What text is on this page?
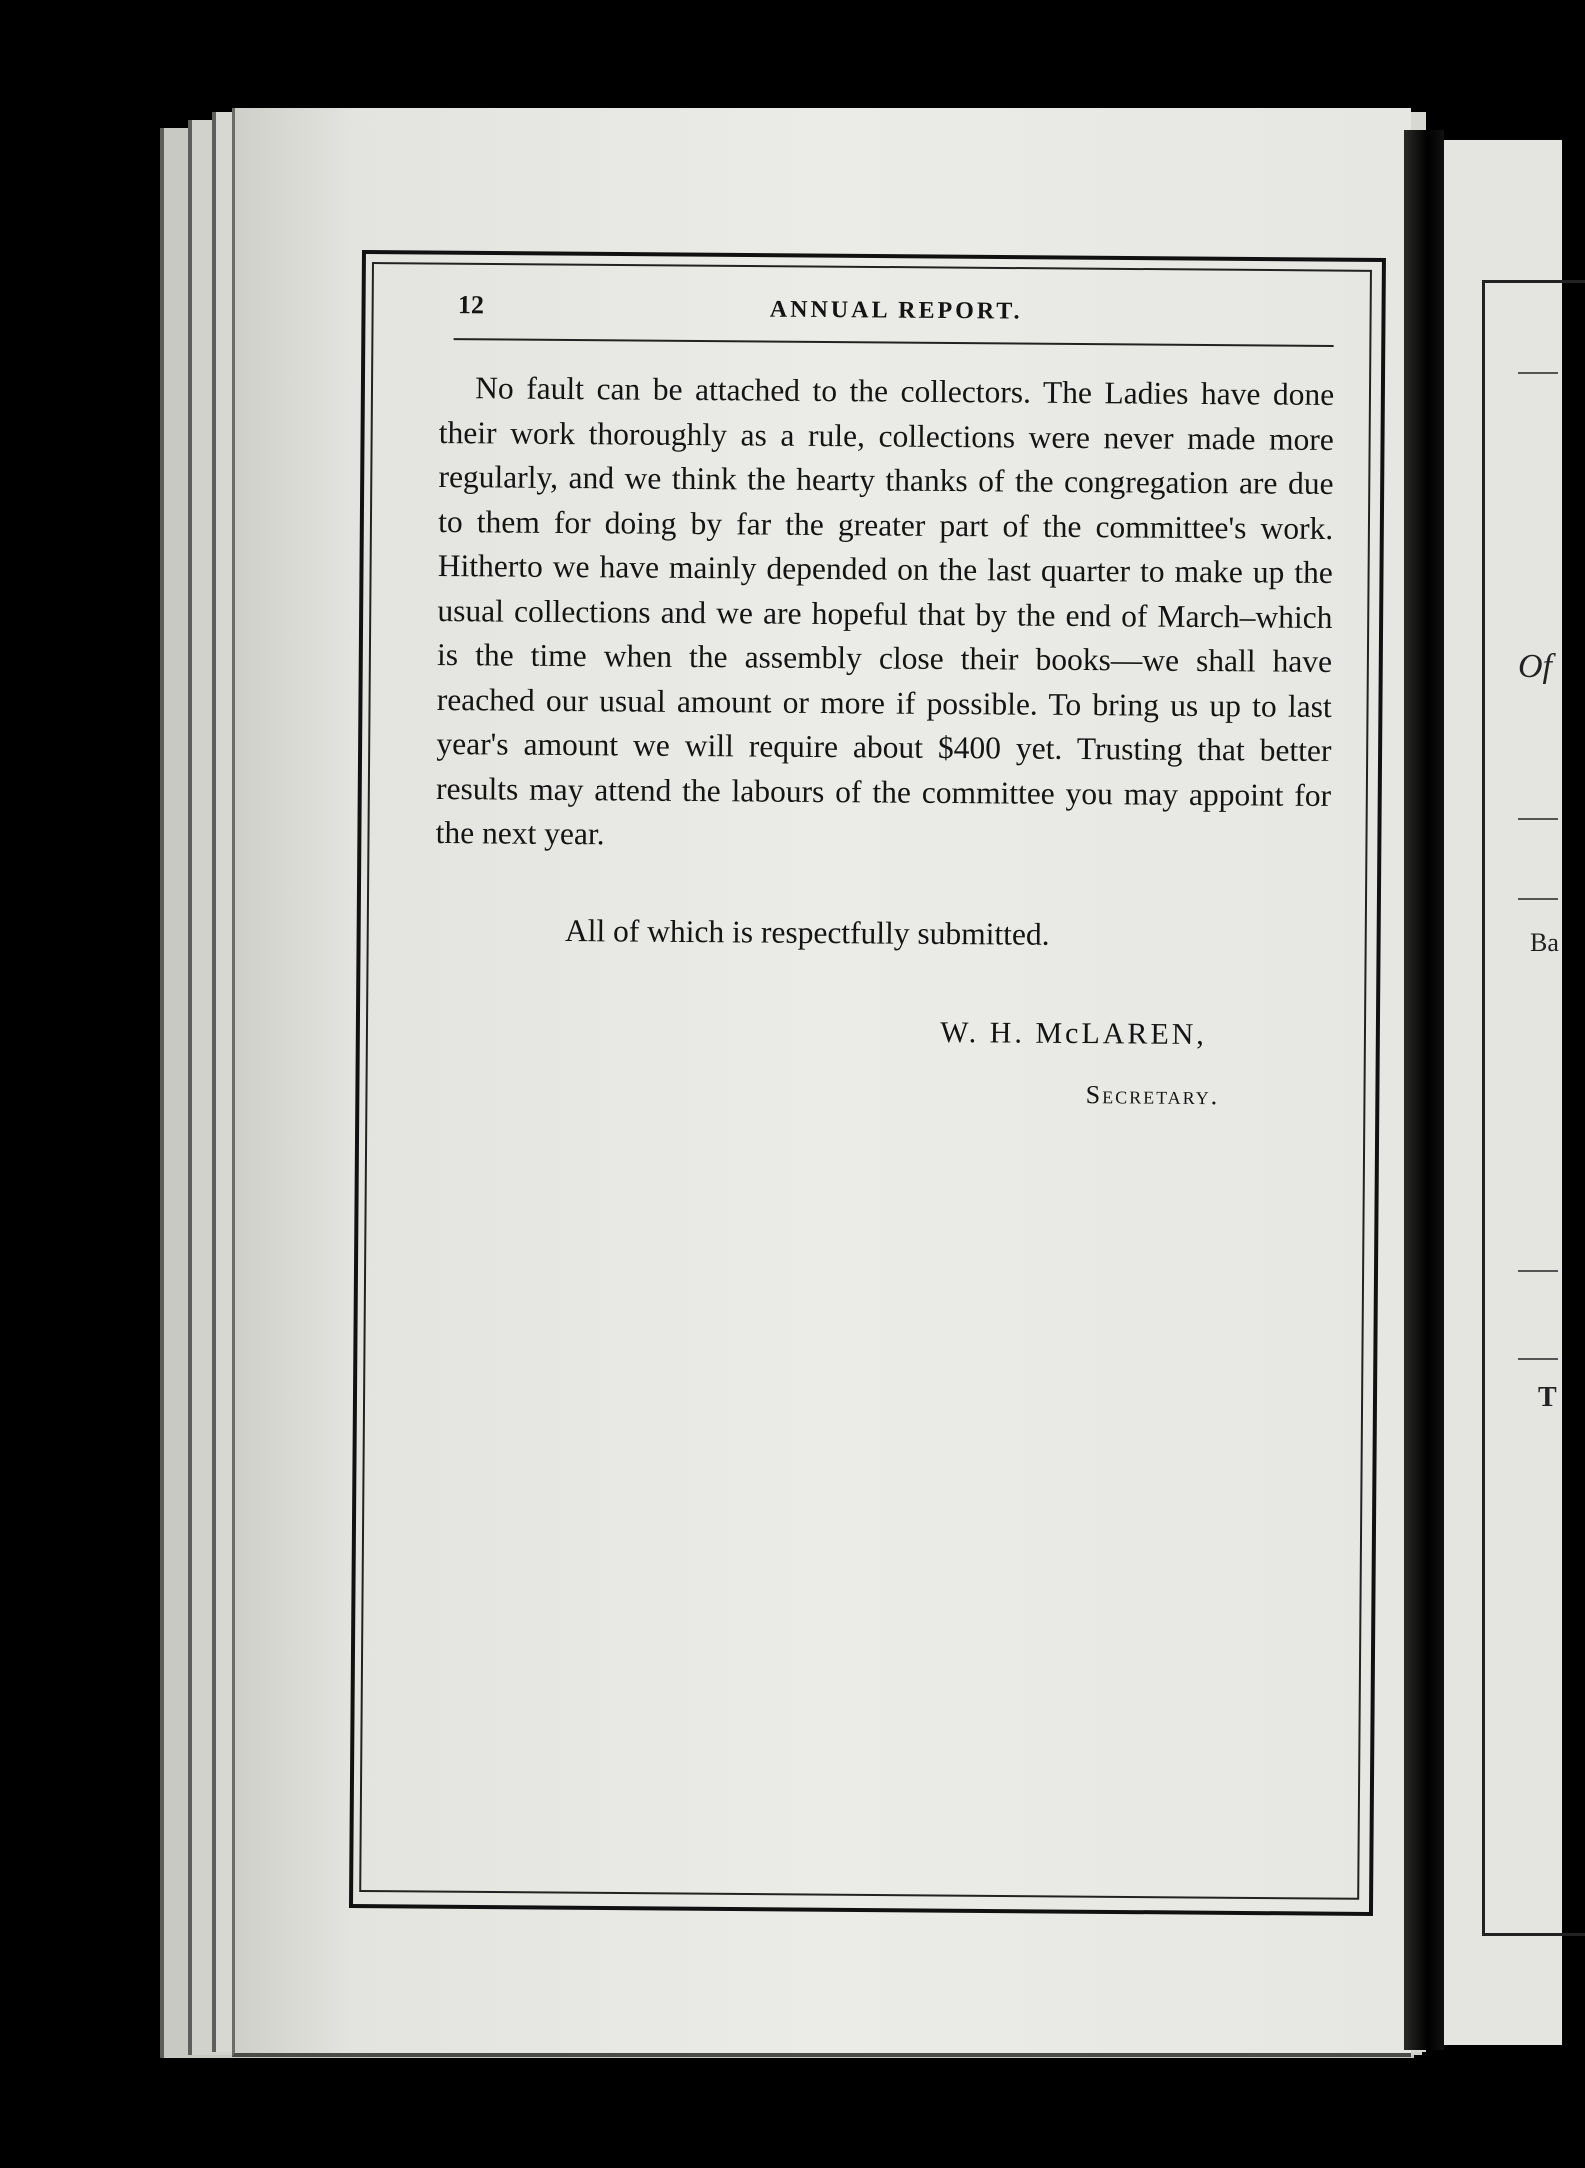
Of
Ba
T
12	ANNUAL REPORT.

No fault can be attached to the collectors. The Ladies have done their work thoroughly as a rule, collections were never made more regularly, and we think the hearty thanks of the congregation are due to them for doing by far the greater part of the committee's work. Hitherto we have mainly depended on the last quarter to make up the usual collections and we are hopeful that by the end of March–which is the time when the assembly close their books—we shall have reached our usual amount or more if possible. To bring us up to last year's amount we will require about $400 yet. Trusting that better results may attend the labours of the committee you may appoint for the next year.

All of which is respectfully submitted.
W. H. McLAREN,
Secretary.
